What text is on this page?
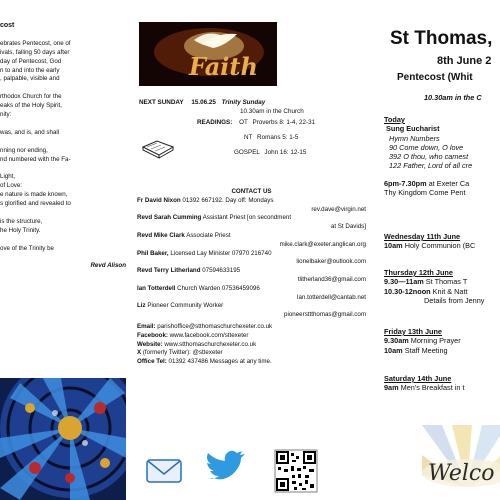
cost

ebrates Pentecost, one of

ivals, falling 50 days after

day of Pentecost, God

n to and into the early

, palpable, visible and

rthodox Church for the

eaks of the Holy Spirit,

nity:

was, and is, and shall

nning nor ending,

nd numbered with the Fa-

Light,

of Love:

e nature is made known,

s glorified and revealed to

is the structure,

he Holy Trinity.

ove of the Trinity be

Revd Alison

Faith
NEXT SUNDAY 15.06.25 Trinity Sunday
10.30am in the Church
READINGS: OT Proverbs 8: 1-4, 22-31
NT Romans 5: 1-5
GOSPEL John 16: 12-15
CONTACT US
Fr David Nixon 01392 667192. Day off: Mondays
rev.dave@virgin.net
Revd Sarah Cumming Assistant Priest [on secondment
at St Davids]
Revd Mike Clark Associate Priest
mike.clark@exeter.anglican.org
Phil Baker, Licensed Lay Minister 07970 216740
lionelbaker@outlook.com
Revd Terry Litherland 07594633195
tlitherland36@gmail.com
Ian Totterdell Church Warden 07536459096
Ian.totterdell@cantab.net
Liz Pioneer Community Worker
pioneersttthomas@gmail.com
Email: parishoffice@stthomaschurchexeter.co.uk
Facebook: www.facebook.com/sttexeter
Website: www.stthomaschurchexeter.co.uk
X (formerly Twitter): @sttexeter
Office Tel: 01392 437486 Messages at any time.
St Thomas,
8th June 2
Pentecost (Whit
10.30am in the C
Today
Sung Eucharist
Hymn Numbers
90 Come down, O love
392 O thou, who camest
122 Father, Lord of all cre
6pm-7.30pm at Exeter Ca
Thy Kingdom Come Pent
Wednesday 11th June
10am Holy Communion (BC
Thursday 12th June
9.30—11am St Thomas T
10.30-12noon Knit & Natt
Details from Jenny
Friday 13th June
9.30am Morning Prayer
10am Staff Meeting
Saturday 14th June
9am Men's Breakfast in t
Welco
